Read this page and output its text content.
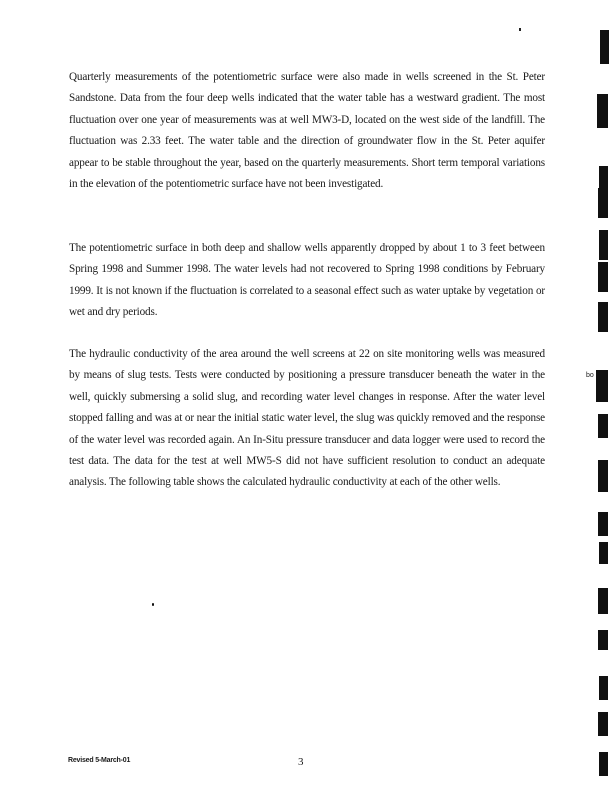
Quarterly measurements of the potentiometric surface were also made in wells screened in the St. Peter Sandstone. Data from the four deep wells indicated that the water table has a westward gradient. The most fluctuation over one year of measurements was at well MW3-D, located on the west side of the landfill. The fluctuation was 2.33 feet. The water table and the direction of groundwater flow in the St. Peter aquifer appear to be stable throughout the year, based on the quarterly measurements. Short term temporal variations in the elevation of the potentiometric surface have not been investigated.

The potentiometric surface in both deep and shallow wells apparently dropped by about 1 to 3 feet between Spring 1998 and Summer 1998. The water levels had not recovered to Spring 1998 conditions by February 1999. It is not known if the fluctuation is correlated to a seasonal effect such as water uptake by vegetation or wet and dry periods.

The hydraulic conductivity of the area around the well screens at 22 on site monitoring wells was measured by means of slug tests. Tests were conducted by positioning a pressure transducer beneath the water in the well, quickly submersing a solid slug, and recording water level changes in response. After the water level stopped falling and was at or near the initial static water level, the slug was quickly removed and the response of the water level was recorded again. An In-Situ pressure transducer and data logger were used to record the test data. The data for the test at well MW5-S did not have sufficient resolution to conduct an adequate analysis. The following table shows the calculated hydraulic conductivity at each of the other wells.

bo
Revised 5-March-01	3
